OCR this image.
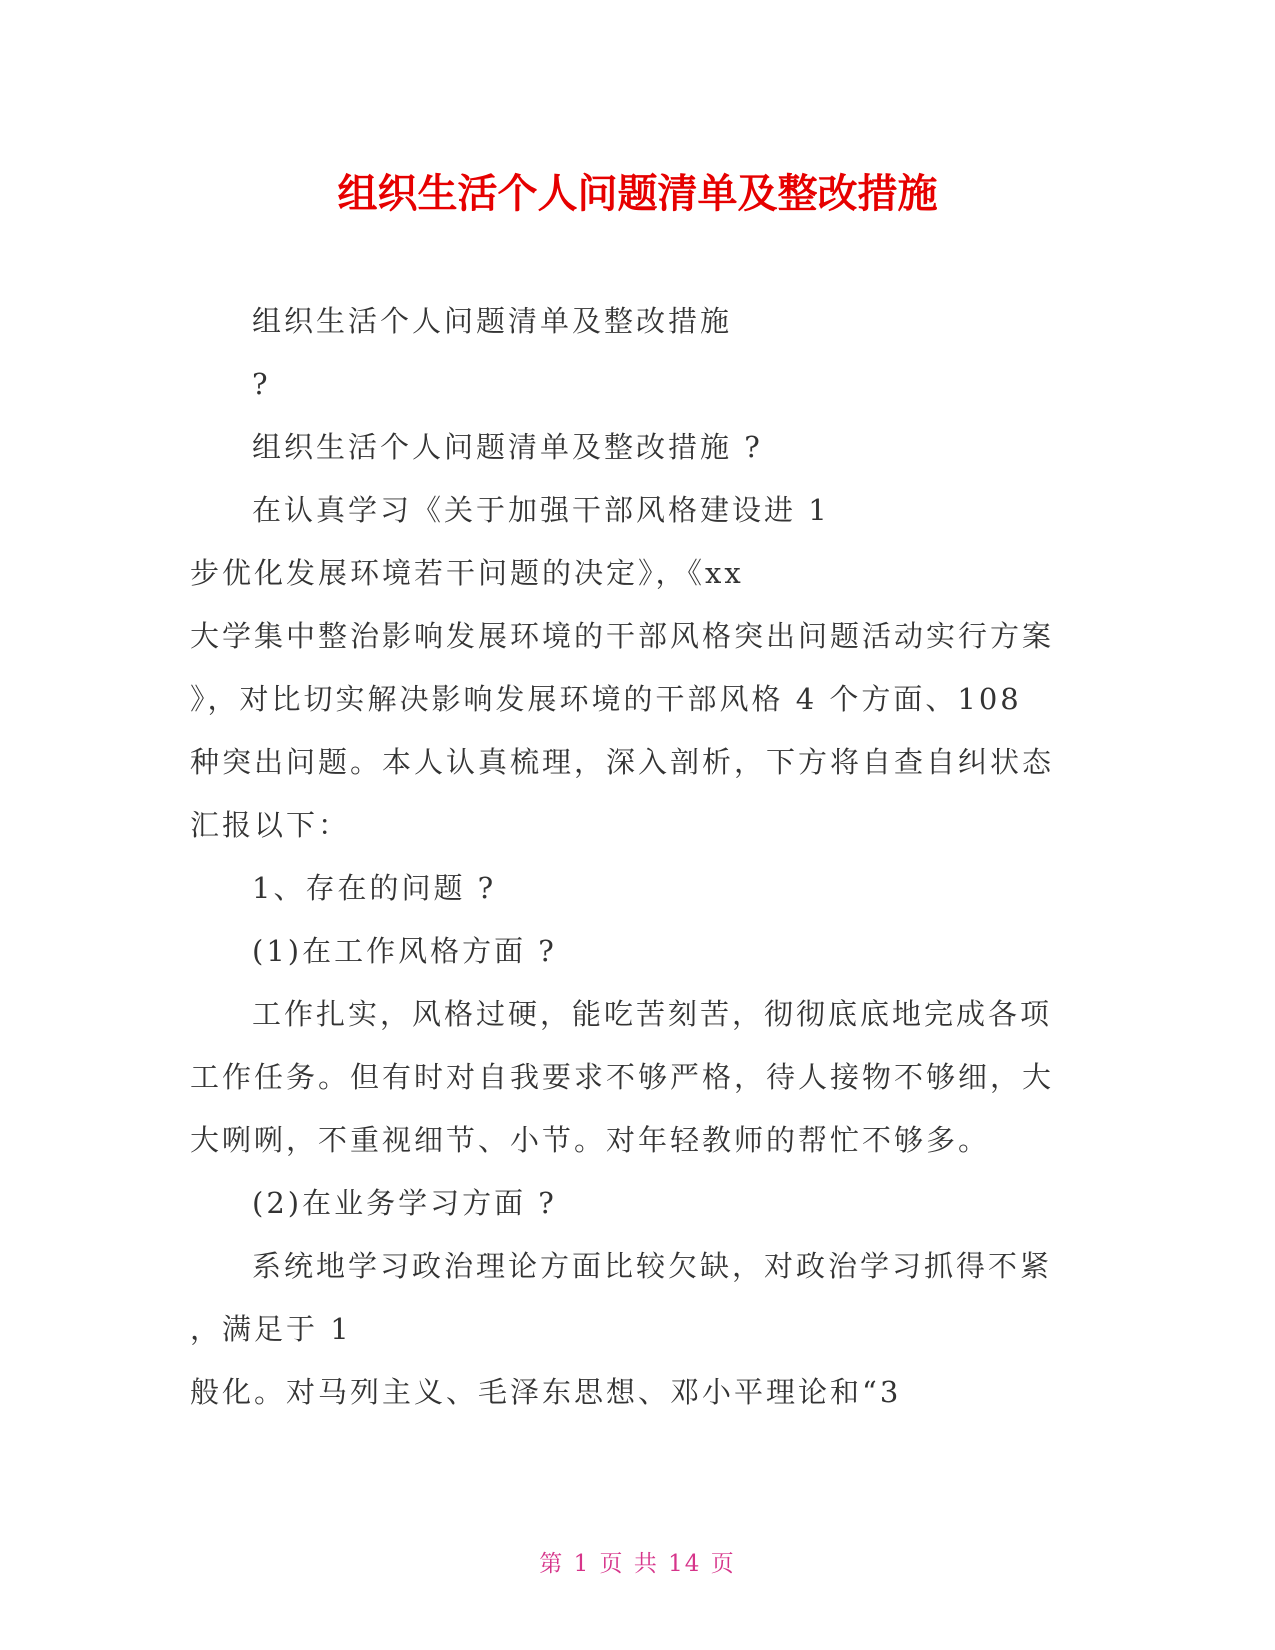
组织生活个人问题清单及整改措施
组织生活个人问题清单及整改措施
?
组织生活个人问题清单及整改措施 ?
在认真学习《关于加强干部风格建设进 1
步优化发展环境若干问题的决定》，《xx
大学集中整治影响发展环境的干部风格突出问题活动实行方案
》，对比切实解决影响发展环境的干部风格 4 个方面、108
种突出问题。本人认真梳理，深入剖析，下方将自查自纠状态
汇报以下：
1、存在的问题 ?
(1)在工作风格方面 ?
工作扎实，风格过硬，能吃苦刻苦，彻彻底底地完成各项
工作任务。但有时对自我要求不够严格，待人接物不够细，大
大咧咧，不重视细节、小节。对年轻教师的帮忙不够多。
(2)在业务学习方面 ?
系统地学习政治理论方面比较欠缺，对政治学习抓得不紧
，满足于 1
般化。对马列主义、毛泽东思想、邓小平理论和“3
第 1 页 共 14 页
